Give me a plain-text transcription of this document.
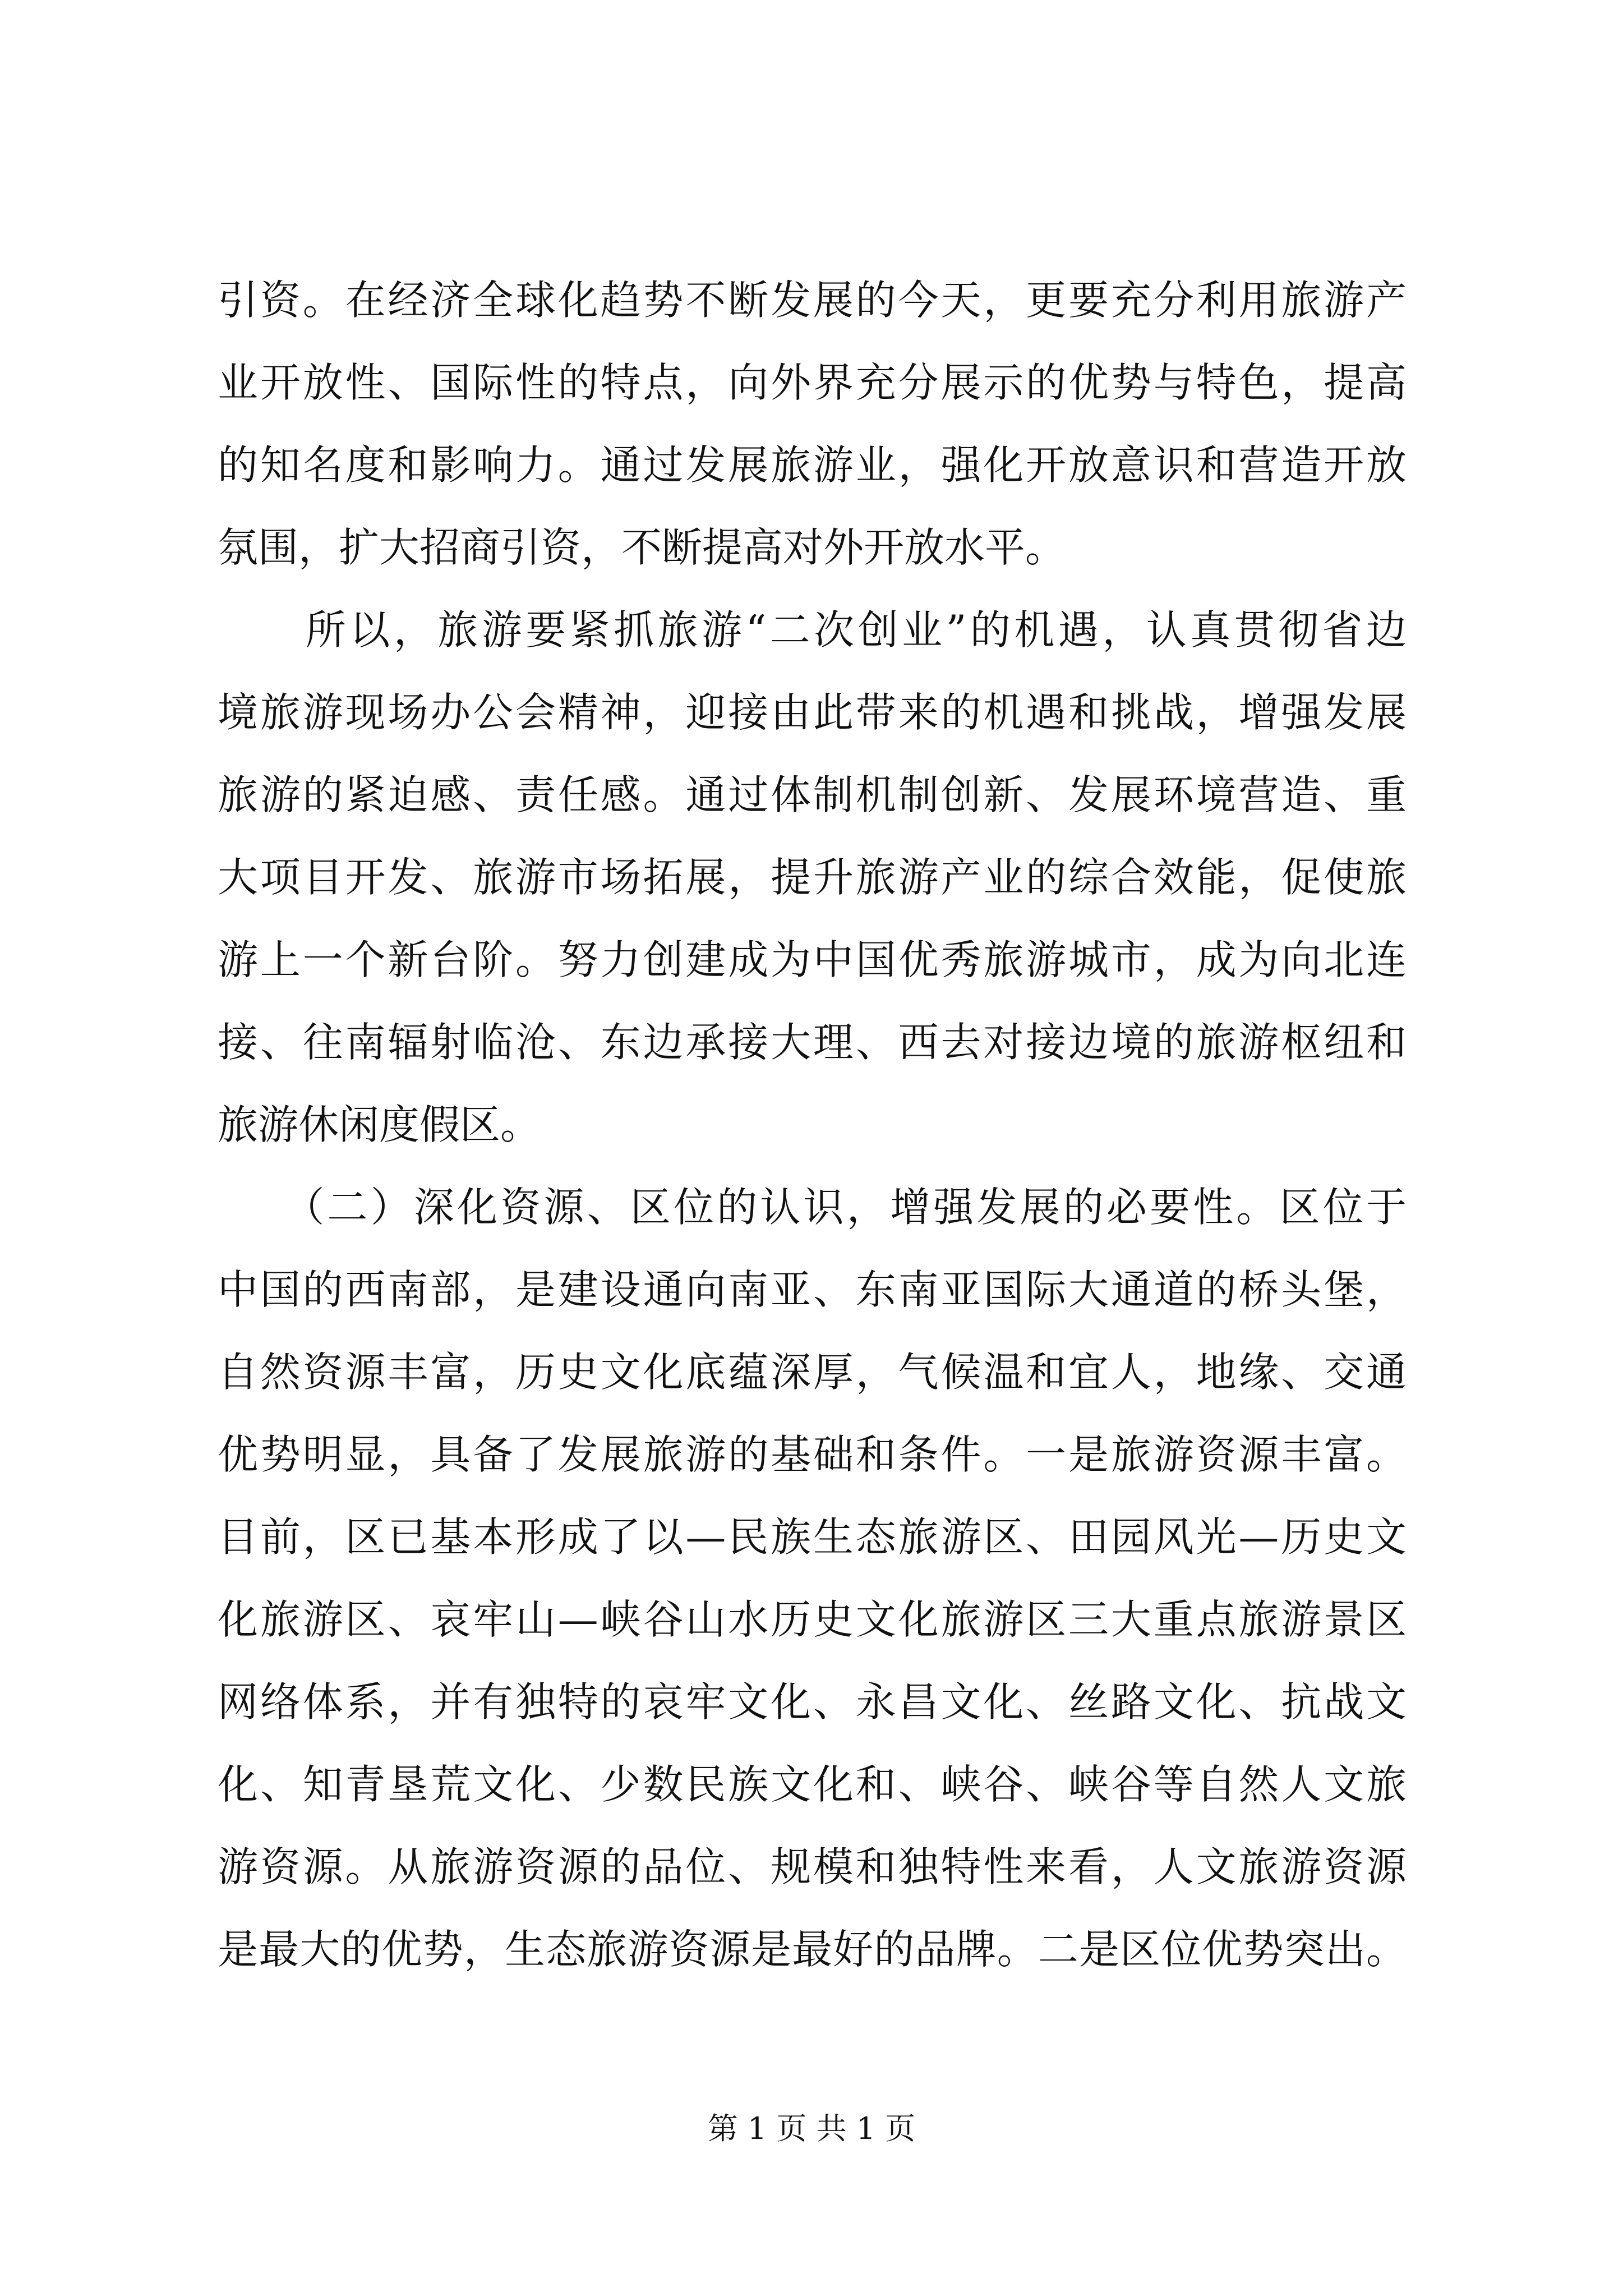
引资。在经济全球化趋势不断发展的今天，更要充分利用旅游产
业开放性、国际性的特点，向外界充分展示的优势与特色，提高
的知名度和影响力。通过发展旅游业，强化开放意识和营造开放
氛围，扩大招商引资，不断提高对外开放水平。
　　所以，旅游要紧抓旅游“二次创业”的机遇，认真贯彻省边
境旅游现场办公会精神，迎接由此带来的机遇和挑战，增强发展
旅游的紧迫感、责任感。通过体制机制创新、发展环境营造、重
大项目开发、旅游市场拓展，提升旅游产业的综合效能，促使旅
游上一个新台阶。努力创建成为中国优秀旅游城市，成为向北连
接、往南辐射临沧、东边承接大理、西去对接边境的旅游枢纽和
旅游休闲度假区。
　　（二）深化资源、区位的认识，增强发展的必要性。区位于
中国的西南部，是建设通向南亚、东南亚国际大通道的桥头堡，
自然资源丰富，历史文化底蕴深厚，气候温和宜人，地缘、交通
优势明显，具备了发展旅游的基础和条件。一是旅游资源丰富。
目前，区已基本形成了以—民族生态旅游区、田园风光—历史文
化旅游区、哀牢山—峡谷山水历史文化旅游区三大重点旅游景区
网络体系，并有独特的哀牢文化、永昌文化、丝路文化、抗战文
化、知青垦荒文化、少数民族文化和、峡谷、峡谷等自然人文旅
游资源。从旅游资源的品位、规模和独特性来看，人文旅游资源
是最大的优势，生态旅游资源是最好的品牌。二是区位优势突出。
第 1 页 共 1 页
